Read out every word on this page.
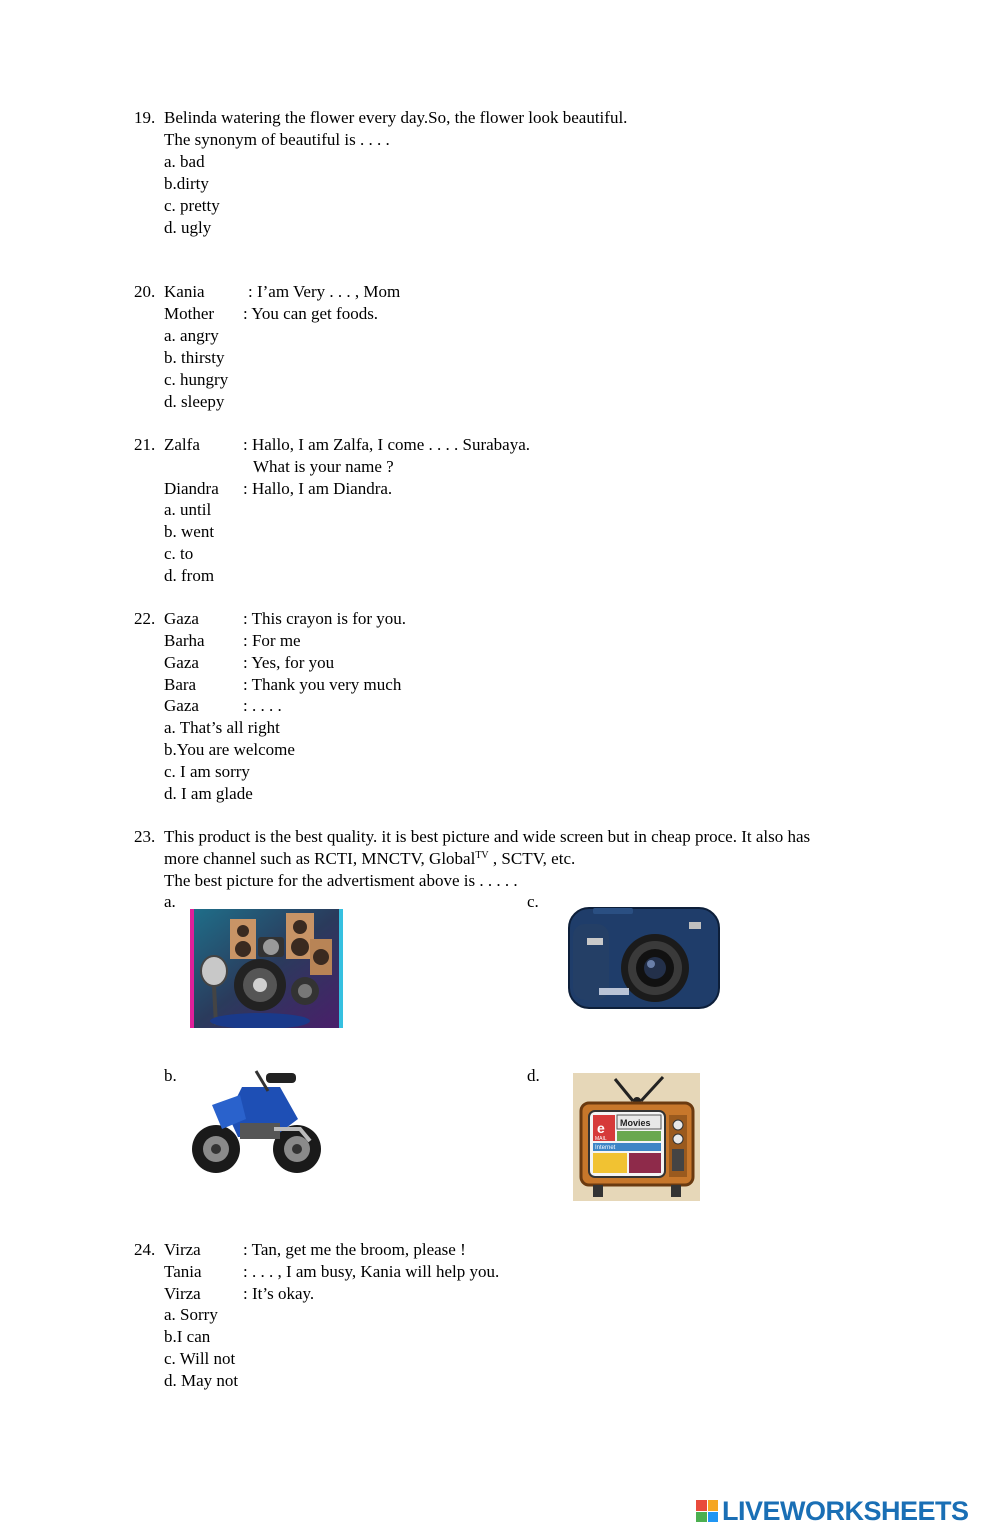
19. Belinda watering the flower every day.So, the flower look beautiful.
The synonym of beautiful is . . . .
a. bad
b.dirty
c. pretty
d. ugly
20. Kania	: I’am Very . . . , Mom
Mother : You can get foods.
a. angry
b. thirsty
c. hungry
d. sleepy
21. Zalfa	: Hallo, I am Zalfa, I come . . . . Surabaya.
What is your name ?
Diandra : Hallo, I am Diandra.
a. until
b. went
c. to
d. from
22. Gaza	: This crayon is for you.
Barha : For me
Gaza	: Yes, for you
Bara	: Thank you very much
Gaza	: . . . .
a. That’s all right
b.You are welcome
c. I am sorry
d. I am glade
23. This product is the best quality. it is best picture and wide screen but in cheap proce. It also has
more channel such as RCTI, MNCTV, Global$^{TV}$ , SCTV, etc.
The best picture for the advertisment above is . . . . .
a.
b.
c.
d.
e Movies
MAIL
Internet
24. Virza : Tan, get me the broom, please !
Tania : . . . , I am busy, Kania will help you.
Virza : It’s okay.
a. Sorry
b.I can
c. Will not
d. May not
LIVEWORKSHEETS
